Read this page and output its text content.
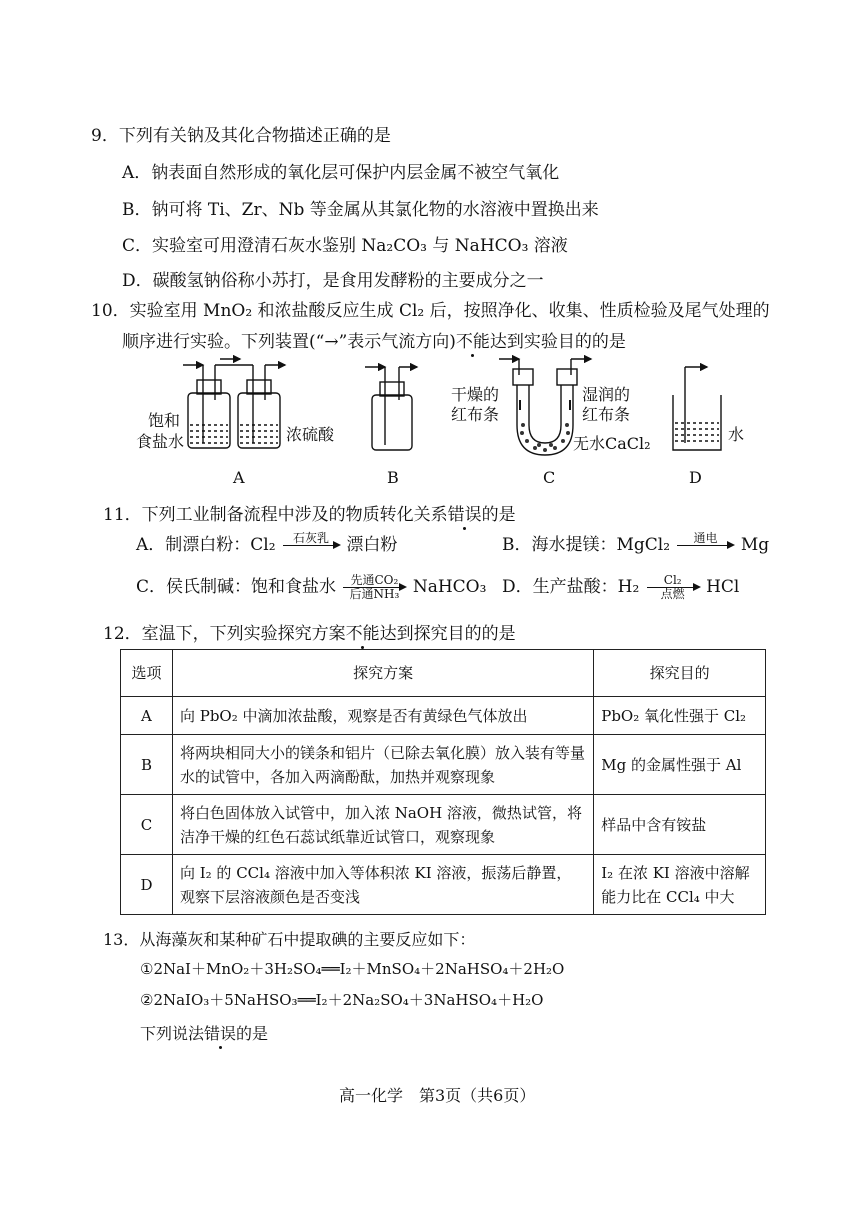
9．下列有关钠及其化合物描述正确的是
A．钠表面自然形成的氧化层可保护内层金属不被空气氧化
B．钠可将 Ti、Zr、Nb 等金属从其氯化物的水溶液中置换出来
C．实验室可用澄清石灰水鉴别 Na₂CO₃ 与 NaHCO₃ 溶液
D．碳酸氢钠俗称小苏打，是食用发酵粉的主要成分之一
10．实验室用 MnO₂ 和浓盐酸反应生成 Cl₂ 后，按照净化、收集、性质检验及尾气处理的
顺序进行实验。下列装置(“→”表示气流方向)不能达到实验目的的是
饱和
食盐水	浓硫酸
干燥的
红布条
湿润的
红布条
无水CaCl₂	水
A	B	C	D
11．下列工业制备流程中涉及的物质转化关系错误的是
A．制漂白粉：Cl₂	石灰乳
	漂白粉	B．海水提镁：MgCl₂	通电
	Mg
C．侯氏制碱：饱和食盐水	先通CO₂
后通NH₃ NaHCO₃ D．生产盐酸：H₂	Cl₂
点燃	HCl
12．室温下，下列实验探究方案不能达到探究目的的是
选项	探究方案	探究目的
A	向 PbO₂ 中滴加浓盐酸，观察是否有黄绿色气体放出	PbO₂ 氧化性强于 Cl₂
B	将两块相同大小的镁条和铝片（已除去氧化膜）放入装有等量水的试管中，各加入两滴酚酞，加热并观察现象	Mg 的金属性强于 Al
C	将白色固体放入试管中，加入浓 NaOH 溶液，微热试管，将洁净干燥的红色石蕊试纸靠近试管口，观察现象	样品中含有铵盐
D	向 I₂ 的 CCl₄ 溶液中加入等体积浓 KI 溶液，振荡后静置，观察下层溶液颜色是否变浅	I₂ 在浓 KI 溶液中溶解能力比在 CCl₄ 中大
13．从海藻灰和某种矿石中提取碘的主要反应如下：
①2NaI＋MnO₂＋3H₂SO₄══I₂＋MnSO₄＋2NaHSO₄＋2H₂O
②2NaIO₃＋5NaHSO₃══I₂＋2Na₂SO₄＋3NaHSO₄＋H₂O
下列说法错误的是
高一化学　第3页（共6页）
